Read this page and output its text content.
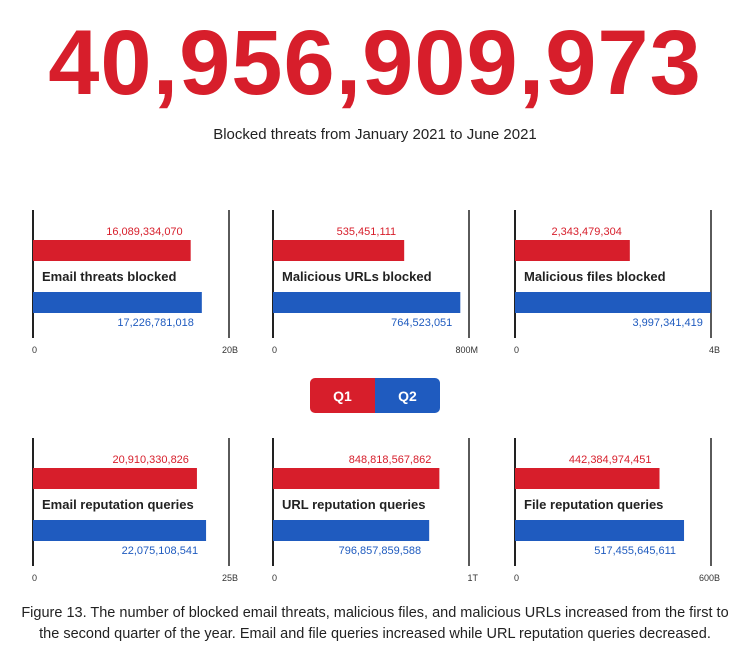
40,956,909,973
Blocked threats from January 2021 to June 2021
16,089,334,070
Email threats blocked
17,226,781,018
0	20B
535,451,111
Malicious URLs blocked
764,523,051
0	800M
2,343,479,304
Malicious files blocked
3,997,341,419
0	4B
20,910,330,826
Email reputation queries
22,075,108,541
0	25B
848,818,567,862
URL reputation queries
796,857,859,588
0	1T
442,384,974,451
File reputation queries
517,455,645,611
0	600B
Q1	Q2
Figure 13. The number of blocked email threats, malicious files, and malicious URLs increased from the first to the second quarter of the year. Email and file queries increased while URL reputation queries decreased.
